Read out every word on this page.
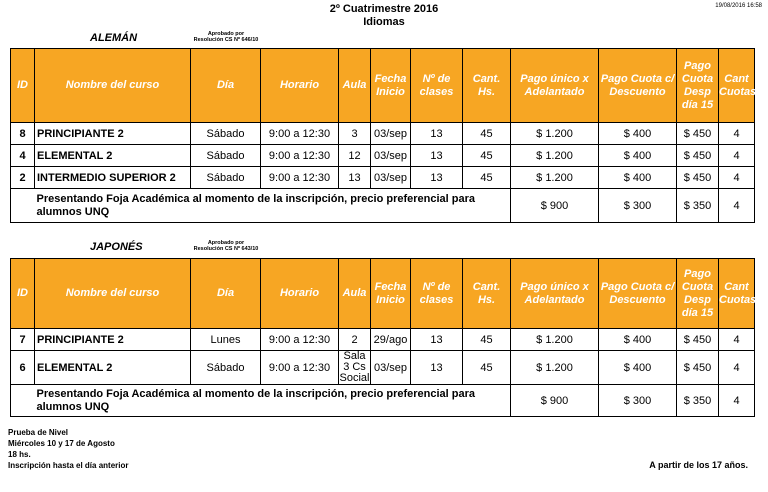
2º Cuatrimestre 2016
Idiomas
19/08/2016 16:58
ALEMÁN	Aprobado por
Resolución CS Nº 646/10
ID	Nombre del curso	Día	Horario	Aula	Fecha Inicio	Nº de clases	Cant. Hs.	Pago único x Adelantado	Pago Cuota c/ Descuento	Pago Cuota Desp día 15	Cant Cuotas
8	PRINCIPIANTE 2	Sábado	9:00 a 12:30	3	03/sep	13	45	$ 1.200	$ 400	$ 450	4
4	ELEMENTAL 2	Sábado	9:00 a 12:30	12	03/sep	13	45	$ 1.200	$ 400	$ 450	4
2	INTERMEDIO SUPERIOR 2	Sábado	9:00 a 12:30	13	03/sep	13	45	$ 1.200	$ 400	$ 450	4
	Presentando Foja Académica al momento de la inscripción, precio preferencial para alumnos UNQ							$ 900	$ 300	$ 350	4
JAPONÉS	Aprobado por
Resolución CS Nº 643/10
ID	Nombre del curso	Día	Horario	Aula	Fecha Inicio	Nº de clases	Cant. Hs.	Pago único x Adelantado	Pago Cuota c/ Descuento	Pago Cuota Desp día 15	Cant Cuotas
7	PRINCIPIANTE 2	Lunes	9:00 a 12:30	2	29/ago	13	45	$ 1.200	$ 400	$ 450	4
6	ELEMENTAL 2	Sábado	9:00 a 12:30	Sala 3 Cs Social	03/sep	13	45	$ 1.200	$ 400	$ 450	4
	Presentando Foja Académica al momento de la inscripción, precio preferencial para alumnos UNQ							$ 900	$ 300	$ 350	4
Prueba de Nivel
Miércoles 10 y 17 de Agosto
18 hs.
Inscripción hasta el día anterior	A partir de los 17 años.
